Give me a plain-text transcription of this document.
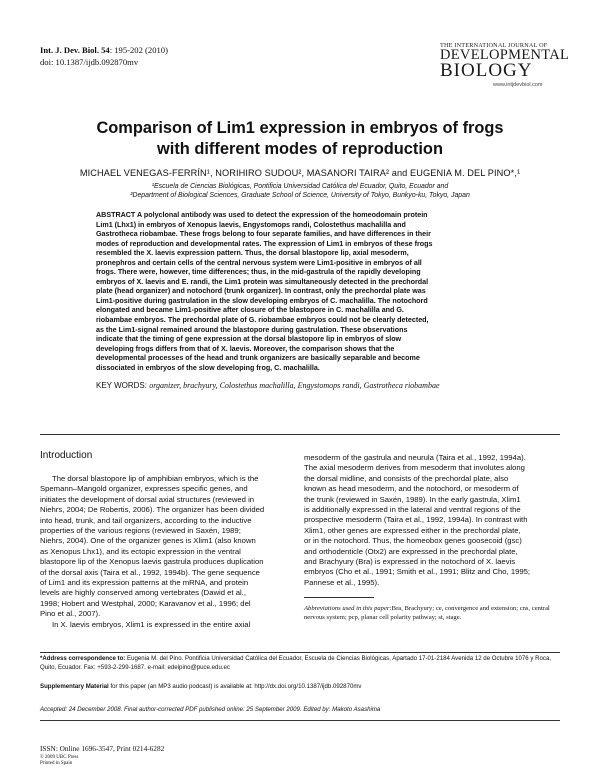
Int. J. Dev. Biol. 54: 195-202 (2010)
doi: 10.1387/ijdb.092870mv
THE INTERNATIONAL JOURNAL OF
DEVELOPMENTAL
BIOLOGY
www.intjdevbiol.com
Comparison of Lim1 expression in embryos of frogs
with different modes of reproduction
MICHAEL VENEGAS-FERRÍN¹, NORIHIRO SUDOU², MASANORI TAIRA² and EUGENIA M. DEL PINO*,¹
¹Escuela de Ciencias Biológicas, Pontificia Universidad Católica del Ecuador, Quito, Ecuador and
²Department of Biological Sciences, Graduate School of Science, University of Tokyo, Bunkyo-ku, Tokyo, Japan
ABSTRACT A polyclonal antibody was used to detect the expression of the homeodomain protein
Lim1 (Lhx1) in embryos of Xenopus laevis, Engystomops randi, Colostethus machalilla and
Gastrotheca riobambae. These frogs belong to four separate families, and have differences in their
modes of reproduction and developmental rates. The expression of Lim1 in embryos of these frogs
resembled the X. laevis expression pattern. Thus, the dorsal blastopore lip, axial mesoderm,
pronephros and certain cells of the central nervous system were Lim1-positive in embryos of all
frogs. There were, however, time differences; thus, in the mid-gastrula of the rapidly developing
embryos of X. laevis and E. randi, the Lim1 protein was simultaneously detected in the prechordal
plate (head organizer) and notochord (trunk organizer). In contrast, only the prechordal plate was
Lim1-positive during gastrulation in the slow developing embryos of C. machalilla. The notochord
elongated and became Lim1-positive after closure of the blastopore in C. machalilla and G.
riobambae embryos. The prechordal plate of G. riobambae embryos could not be clearly detected,
as the Lim1-signal remained around the blastopore during gastrulation. These observations
indicate that the timing of gene expression at the dorsal blastopore lip in embryos of slow
developing frogs differs from that of X. laevis. Moreover, the comparison shows that the
developmental processes of the head and trunk organizers are basically separable and become
dissociated in embryos of the slow developing frog, C. machalilla.
KEY WORDS: organizer, brachyury, Colostethus machalilla, Engystomops randi, Gastrotheca riobambae
Introduction
The dorsal blastopore lip of amphibian embryos, which is the
Spemann–Mangold organizer, expresses specific genes, and
initiates the development of dorsal axial structures (reviewed in
Niehrs, 2004; De Robertis, 2006). The organizer has been divided
into head, trunk, and tail organizers, according to the inductive
properties of the various regions (reviewed in Saxén, 1989;
Niehrs, 2004). One of the organizer genes is Xlim1 (also known
as Xenopus Lhx1), and its ectopic expression in the ventral
blastopore lip of the Xenopus laevis gastrula produces duplication
of the dorsal axis (Taira et al., 1992, 1994b). The gene sequence
of Lim1 and its expression patterns at the mRNA, and protein
levels are highly conserved among vertebrates (Dawid et al.,
1998; Hobert and Westphal, 2000; Karavanov et al., 1996; del
Pino et al., 2007).
In X. laevis embryos, Xlim1 is expressed in the entire axial
mesoderm of the gastrula and neurula (Taira et al., 1992, 1994a).
The axial mesoderm derives from mesoderm that involutes along
the dorsal midline, and consists of the prechordal plate, also
known as head mesoderm, and the notochord, or mesoderm of
the trunk (reviewed in Saxén, 1989). In the early gastrula, Xlim1
is additionally expressed in the lateral and ventral regions of the
prospective mesoderm (Taira et al., 1992, 1994a). In contrast with
Xlim1, other genes are expressed either in the prechordal plate,
or in the notochord. Thus, the homeobox genes goosecoid (gsc)
and orthodenticle (Otx2) are expressed in the prechordal plate,
and Brachyury (Bra) is expressed in the notochord of X. laevis
embryos (Cho et al., 1991; Smith et al., 1991; Blitz and Cho, 1995;
Pannese et al., 1995).
Abbreviations used in this paper:Bra, Brachyury; ce, convergence and extension; cns, central nervous system; pcp, planar cell polarity pathway; st, stage.
*Address correspondence to: Eugenia M. del Pino. Pontificia Universidad Católica del Ecuador, Escuela de Ciencias Biológicas, Apartado 17-01-2184 Avenida 12 de Octubre 1076 y Roca, Quito, Ecuador. Fax: +593-2-299-1687. e-mail: edelpino@puce.edu.ec
Supplementary Material for this paper (an MP3 audio podcast) is available at: http://dx.doi.org/10.1387/ijdb.092870mv
Accepted: 24 December 2008. Final author-corrected PDF published online: 25 September 2009. Edited by: Makoto Asashima
ISSN: Online 1696-3547, Print 0214-6282
© 2009 UBC Press
Printed in Spain
